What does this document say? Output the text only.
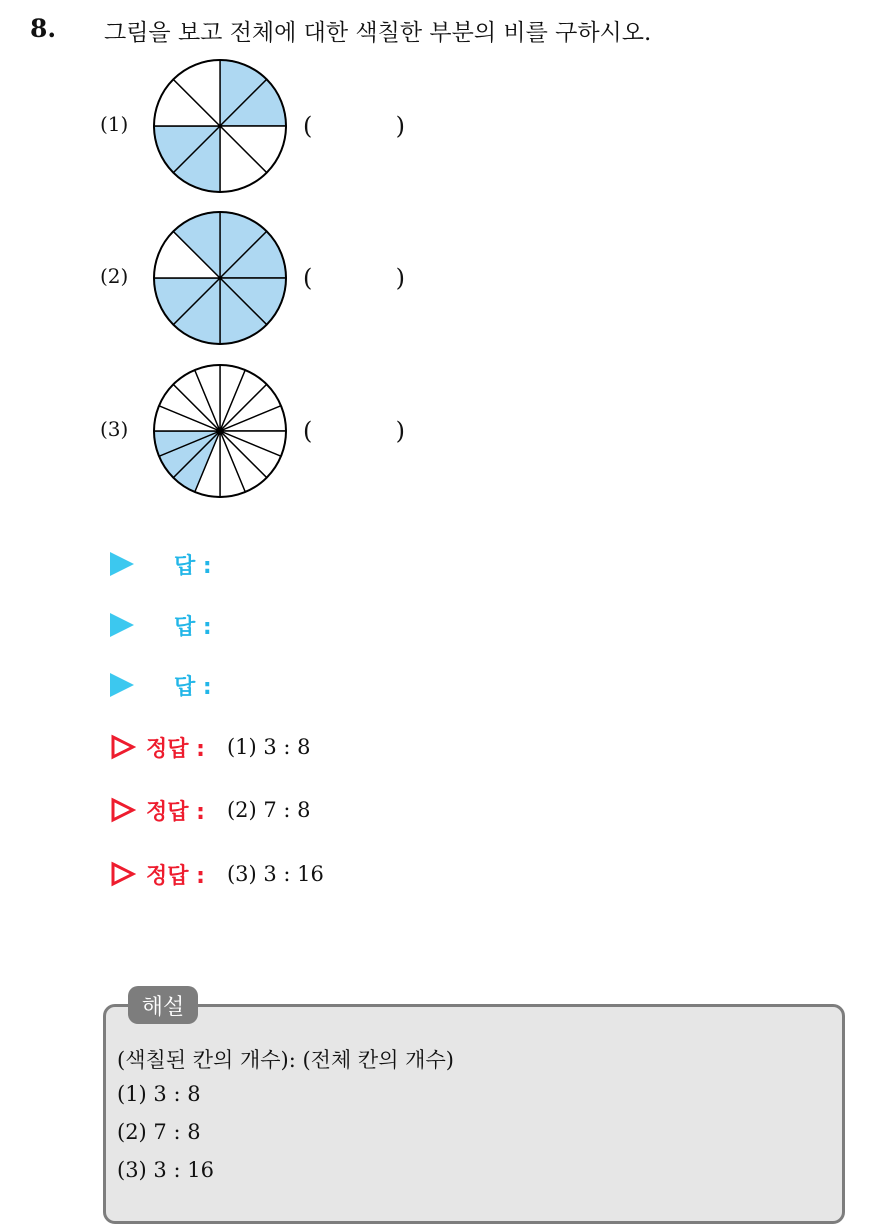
8. 그림을 보고 전체에 대한 색칠한 부분의 비를 구하시오.
(1)	(	)
(2)	(	)
(3)	(	)
답 :
답 :
답 :
정답 : (1) 3 : 8
정답 : (2) 7 : 8
정답 : (3) 3 : 16
해설
(색칠된 칸의 개수): (전체 칸의 개수)
(1) 3 : 8
(2) 7 : 8
(3) 3 : 16
